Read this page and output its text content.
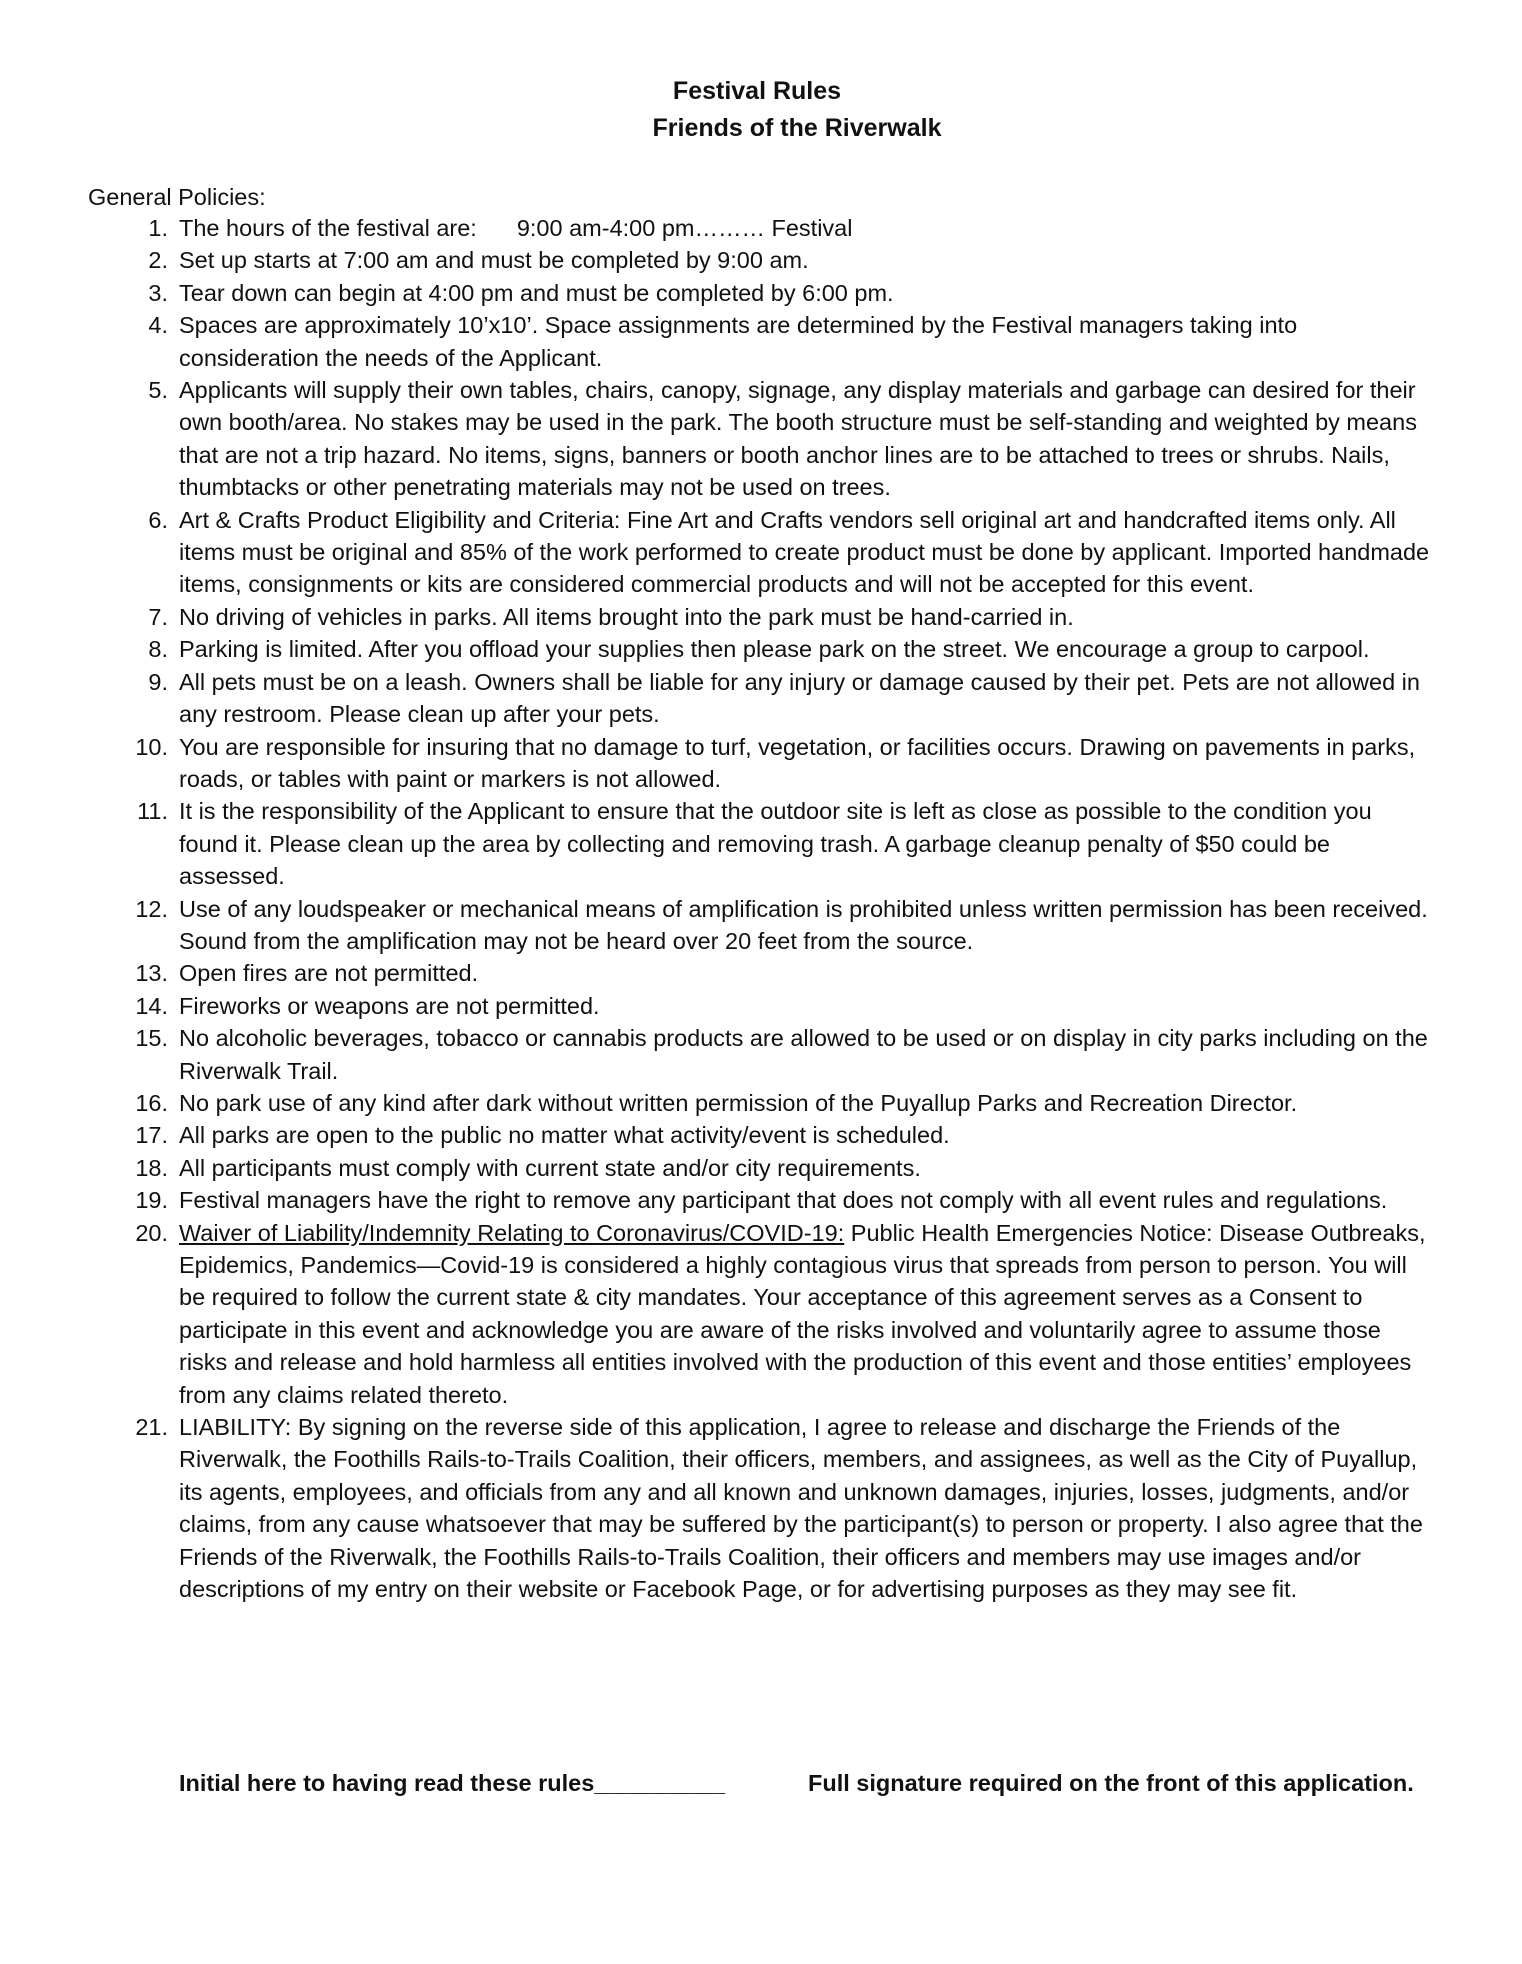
Festival Rules
Friends of the Riverwalk
General Policies:
1. The hours of the festival are: 9:00 am-4:00 pm……… Festival
2. Set up starts at 7:00 am and must be completed by 9:00 am.
3. Tear down can begin at 4:00 pm and must be completed by 6:00 pm.
4. Spaces are approximately 10’x10’. Space assignments are determined by the Festival managers taking into consideration the needs of the Applicant.
5. Applicants will supply their own tables, chairs, canopy, signage, any display materials and garbage can desired for their own booth/area. No stakes may be used in the park. The booth structure must be self-standing and weighted by means that are not a trip hazard. No items, signs, banners or booth anchor lines are to be attached to trees or shrubs. Nails, thumbtacks or other penetrating materials may not be used on trees.
6. Art & Crafts Product Eligibility and Criteria: Fine Art and Crafts vendors sell original art and handcrafted items only. All items must be original and 85% of the work performed to create product must be done by applicant. Imported handmade items, consignments or kits are considered commercial products and will not be accepted for this event.
7. No driving of vehicles in parks. All items brought into the park must be hand-carried in.
8. Parking is limited. After you offload your supplies then please park on the street. We encourage a group to carpool.
9. All pets must be on a leash. Owners shall be liable for any injury or damage caused by their pet. Pets are not allowed in any restroom. Please clean up after your pets.
10. You are responsible for insuring that no damage to turf, vegetation, or facilities occurs. Drawing on pavements in parks, roads, or tables with paint or markers is not allowed.
11. It is the responsibility of the Applicant to ensure that the outdoor site is left as close as possible to the condition you found it. Please clean up the area by collecting and removing trash. A garbage cleanup penalty of $50 could be assessed.
12. Use of any loudspeaker or mechanical means of amplification is prohibited unless written permission has been received. Sound from the amplification may not be heard over 20 feet from the source.
13. Open fires are not permitted.
14. Fireworks or weapons are not permitted.
15. No alcoholic beverages, tobacco or cannabis products are allowed to be used or on display in city parks including on the Riverwalk Trail.
16. No park use of any kind after dark without written permission of the Puyallup Parks and Recreation Director.
17. All parks are open to the public no matter what activity/event is scheduled.
18. All participants must comply with current state and/or city requirements.
19. Festival managers have the right to remove any participant that does not comply with all event rules and regulations.
20. Waiver of Liability/Indemnity Relating to Coronavirus/COVID-19: Public Health Emergencies Notice: Disease Outbreaks, Epidemics, Pandemics—Covid-19 is considered a highly contagious virus that spreads from person to person. You will be required to follow the current state & city mandates. Your acceptance of this agreement serves as a Consent to participate in this event and acknowledge you are aware of the risks involved and voluntarily agree to assume those risks and release and hold harmless all entities involved with the production of this event and those entities’ employees from any claims related thereto.
21. LIABILITY: By signing on the reverse side of this application, I agree to release and discharge the Friends of the Riverwalk, the Foothills Rails-to-Trails Coalition, their officers, members, and assignees, as well as the City of Puyallup, its agents, employees, and officials from any and all known and unknown damages, injuries, losses, judgments, and/or claims, from any cause whatsoever that may be suffered by the participant(s) to person or property. I also agree that the Friends of the Riverwalk, the Foothills Rails-to-Trails Coalition, their officers and members may use images and/or descriptions of my entry on their website or Facebook Page, or for advertising purposes as they may see fit.
Initial here to having read these rules__________	Full signature required on the front of this application.
